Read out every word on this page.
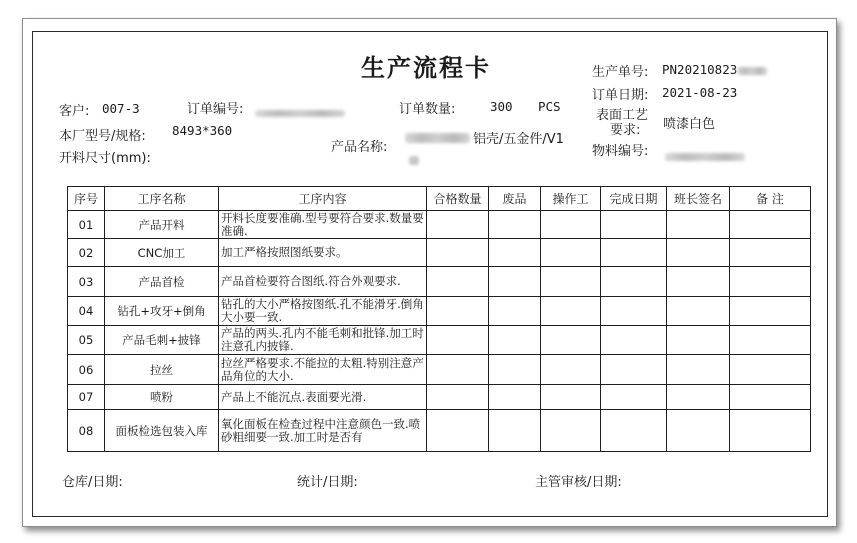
生产流程卡	生产单号: PN20210823
订单日期: 2021-08-23
表面工艺
要求: 喷漆白色
物料编号:
客户: 007-3	订单编号:	订单数量:	300 PCS
本厂型号/规格: 8493*360
产品名称:
铝壳/五金件/V1
开料尺寸(mm):
序号	工序名称	工序内容	合格数量	废品	操作工	完成日期	班长签名	备 注
01	产品开料	开料长度要准确.型号要符合要求.数量要准确.						

02	CNC加工	加工严格按照图纸要求。						

03	产品首检	产品首检要符合图纸.符合外观要求.						

04	钻孔+攻牙+倒角	钻孔的大小严格按图纸.孔不能滑牙.倒角大小要一致.						

05	产品毛刺+披锋	产品的两头.孔内不能毛刺和批锋.加工时注意孔内披锋.						

06	拉丝	拉丝严格要求.不能拉的太粗.特别注意产品角位的大小.						

07	喷粉	产品上不能沉点.表面要光滑.						

08	面板检选包装入库	氧化面板在检查过程中注意颜色一致.喷砂粗细要一致.加工时是否有						

仓库/日期:	统计/日期:	主管审核/日期:
